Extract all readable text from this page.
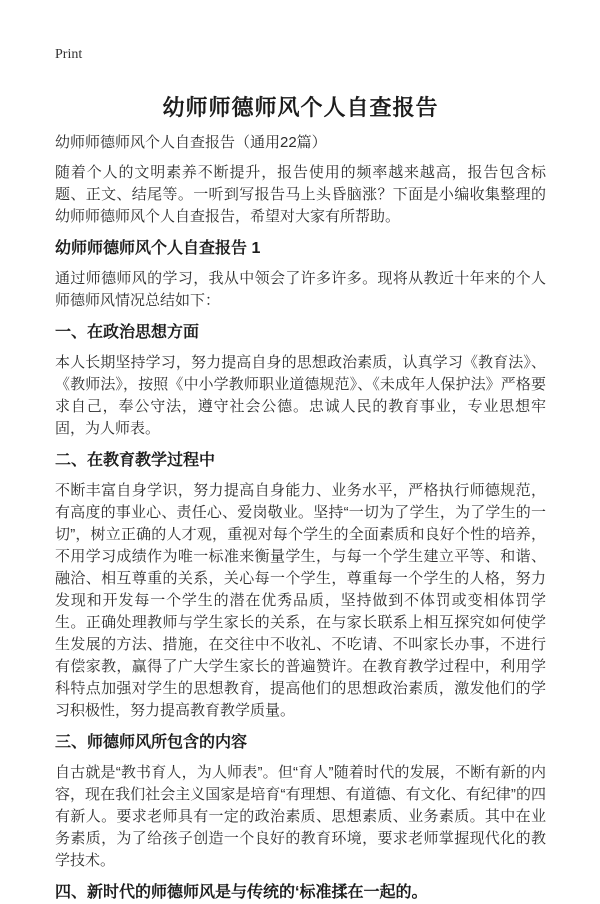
Print
幼师师德师风个人自查报告

幼师师德师风个人自查报告（通用22篇）

随着个人的文明素养不断提升，报告使用的频率越来越高，报告包含标题、正文、结尾等。一听到写报告马上头昏脑涨？下面是小编收集整理的幼师师德师风个人自查报告，希望对大家有所帮助。

幼师师德师风个人自查报告 1

通过师德师风的学习，我从中领会了许多许多。现将从教近十年来的个人师德师风情况总结如下：

一、在政治思想方面

本人长期坚持学习，努力提高自身的思想政治素质，认真学习《教育法》、《教师法》，按照《中小学教师职业道德规范》、《未成年人保护法》严格要求自己，奉公守法，遵守社会公德。忠诚人民的教育事业，专业思想牢固，为人师表。

二、在教育教学过程中

不断丰富自身学识，努力提高自身能力、业务水平，严格执行师德规范，有高度的事业心、责任心、爱岗敬业。坚持“一切为了学生，为了学生的一切”，树立正确的人才观，重视对每个学生的全面素质和良好个性的培养，不用学习成绩作为唯一标准来衡量学生，与每一个学生建立平等、和谐、融洽、相互尊重的关系，关心每一个学生，尊重每一个学生的人格，努力发现和开发每一个学生的潜在优秀品质，坚持做到不体罚或变相体罚学生。正确处理教师与学生家长的关系，在与家长联系上相互探究如何使学生发展的方法、措施，在交往中不收礼、不吃请、不叫家长办事，不进行有偿家教，赢得了广大学生家长的普遍赞许。在教育教学过程中，利用学科特点加强对学生的思想教育，提高他们的思想政治素质，激发他们的学习积极性，努力提高教育教学质量。

三、师德师风所包含的内容

自古就是“教书育人，为人师表”。但“育人”随着时代的发展，不断有新的内容，现在我们社会主义国家是培育“有理想、有道德、有文化、有纪律”的四有新人。要求老师具有一定的政治素质、思想素质、业务素质。其中在业务素质，为了给孩子创造一个良好的教育环境，要求老师掌握现代化的教学技术。

四、新时代的师德师风是与传统的‘标准揉在一起的。
